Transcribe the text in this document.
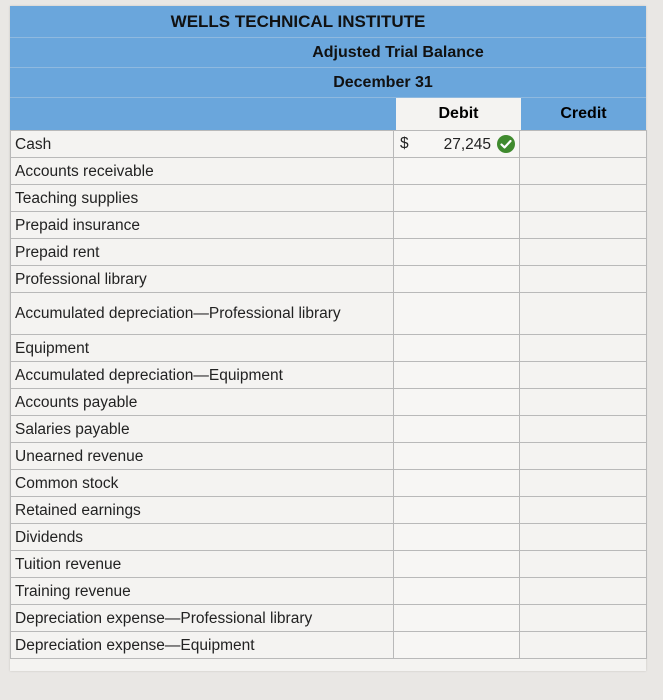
WELLS TECHNICAL INSTITUTE
Adjusted Trial Balance
December 31
Debit	Credit
Cash	$ 27,245	

Accounts receivable		
Teaching supplies		
Prepaid insurance		
Prepaid rent		
Professional library		
Accumulated depreciation—Professional library		
Equipment		
Accumulated depreciation—Equipment		
Accounts payable		
Salaries payable		
Unearned revenue		
Common stock		
Retained earnings		
Dividends		
Tuition revenue		
Training revenue		
Depreciation expense—Professional library		
Depreciation expense—Equipment		
